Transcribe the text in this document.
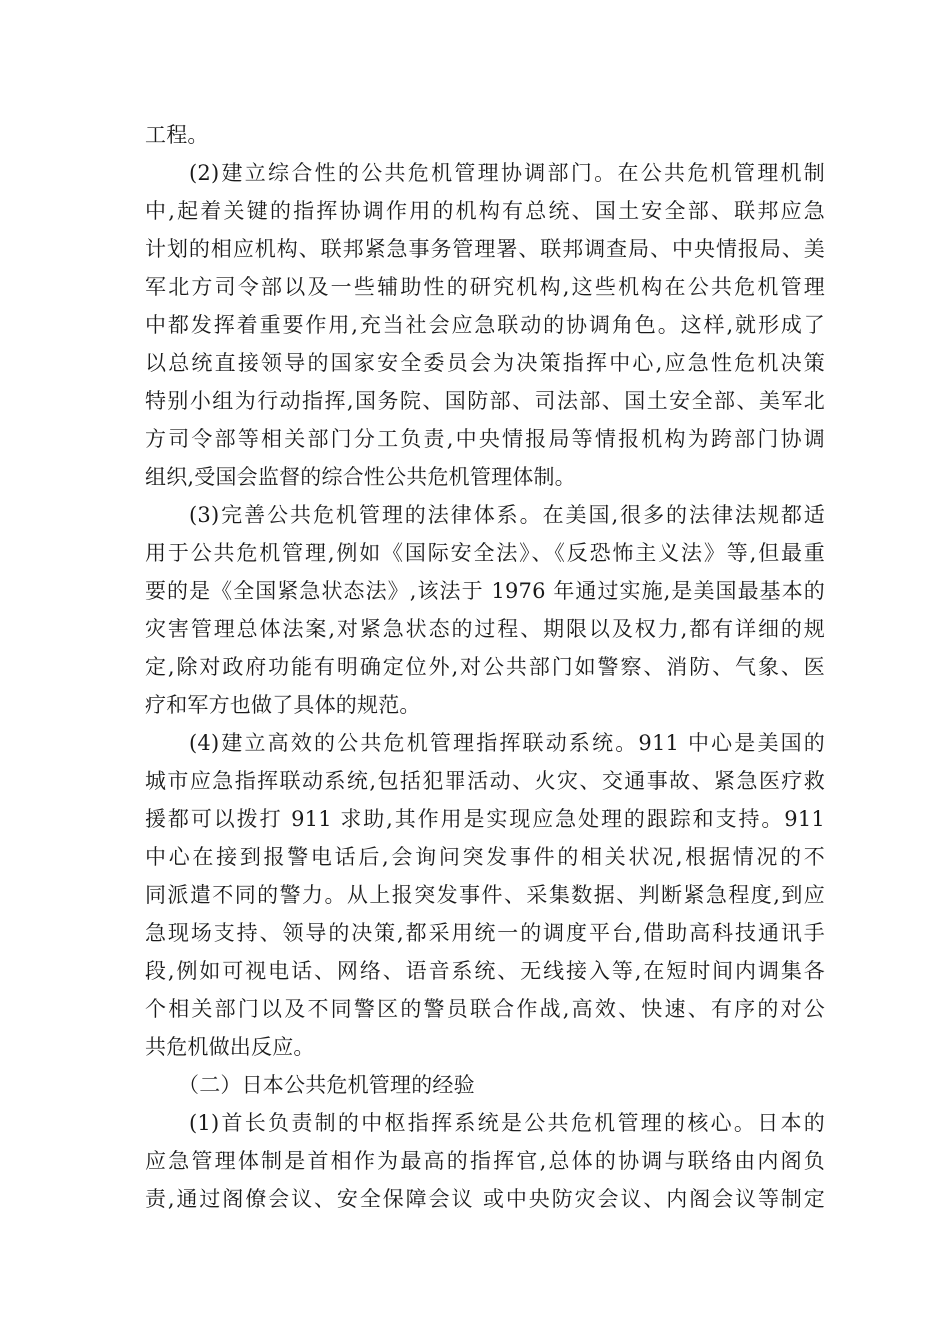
工程。
(2)建立综合性的公共危机管理协调部门。在公共危机管理机制
中,起着关键的指挥协调作用的机构有总统、国土安全部、联邦应急
计划的相应机构、联邦紧急事务管理署、联邦调查局、中央情报局、美
军北方司令部以及一些辅助性的研究机构,这些机构在公共危机管理
中都发挥着重要作用,充当社会应急联动的协调角色。这样,就形成了
以总统直接领导的国家安全委员会为决策指挥中心,应急性危机决策
特别小组为行动指挥,国务院、国防部、司法部、国土安全部、美军北
方司令部等相关部门分工负责,中央情报局等情报机构为跨部门协调
组织,受国会监督的综合性公共危机管理体制。
(3)完善公共危机管理的法律体系。在美国,很多的法律法规都适
用于公共危机管理,例如《国际安全法》、《反恐怖主义法》等,但最重
要的是《全国紧急状态法》,该法于 1976 年通过实施,是美国最基本的
灾害管理总体法案,对紧急状态的过程、期限以及权力,都有详细的规
定,除对政府功能有明确定位外,对公共部门如警察、消防、气象、医
疗和军方也做了具体的规范。
(4)建立高效的公共危机管理指挥联动系统。911 中心是美国的
城市应急指挥联动系统,包括犯罪活动、火灾、交通事故、紧急医疗救
援都可以拨打 911 求助,其作用是实现应急处理的跟踪和支持。911
中心在接到报警电话后,会询问突发事件的相关状况,根据情况的不
同派遣不同的警力。从上报突发事件、采集数据、判断紧急程度,到应
急现场支持、领导的决策,都采用统一的调度平台,借助高科技通讯手
段,例如可视电话、网络、语音系统、无线接入等,在短时间内调集各
个相关部门以及不同警区的警员联合作战,高效、快速、有序的对公
共危机做出反应。
（二）日本公共危机管理的经验
(1)首长负责制的中枢指挥系统是公共危机管理的核心。日本的
应急管理体制是首相作为最高的指挥官,总体的协调与联络由内阁负
责,通过阁僚会议、安全保障会议 或中央防灾会议、内阁会议等制定
